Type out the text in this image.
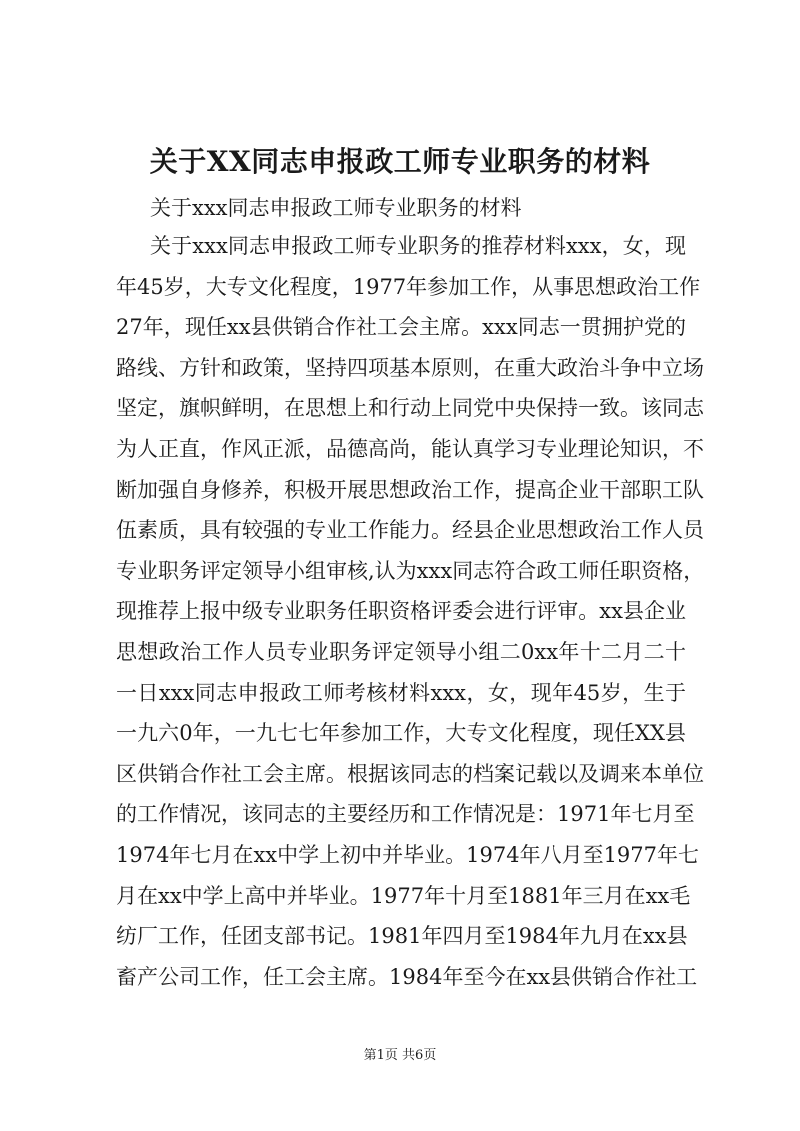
关于XX同志申报政工师专业职务的材料

关于xxx同志申报政工师专业职务的材料

关于xxx同志申报政工师专业职务的推荐材料xxx，女，现
年45岁，大专文化程度，1977年参加工作，从事思想政治工作
27年，现任xx县供销合作社工会主席。xxx同志一贯拥护党的
路线、方针和政策，坚持四项基本原则，在重大政治斗争中立场
坚定，旗帜鲜明，在思想上和行动上同党中央保持一致。该同志
为人正直，作风正派，品德高尚，能认真学习专业理论知识，不
断加强自身修养，积极开展思想政治工作，提高企业干部职工队
伍素质，具有较强的专业工作能力。经县企业思想政治工作人员
专业职务评定领导小组审核,认为xxx同志符合政工师任职资格，
现推荐上报中级专业职务任职资格评委会进行评审。xx县企业
思想政治工作人员专业职务评定领导小组二0xx年十二月二十
一日xxx同志申报政工师考核材料xxx，女，现年45岁，生于
一九六0年，一九七七年参加工作，大专文化程度，现任XX县
区供销合作社工会主席。根据该同志的档案记载以及调来本单位
的工作情况，该同志的主要经历和工作情况是：1971年七月至
1974年七月在xx中学上初中并毕业。1974年八月至1977年七
月在xx中学上高中并毕业。1977年十月至1881年三月在xx毛
纺厂工作，任团支部书记。1981年四月至1984年九月在xx县
畜产公司工作，任工会主席。1984年至今在xx县供销合作社工
第1页 共6页
